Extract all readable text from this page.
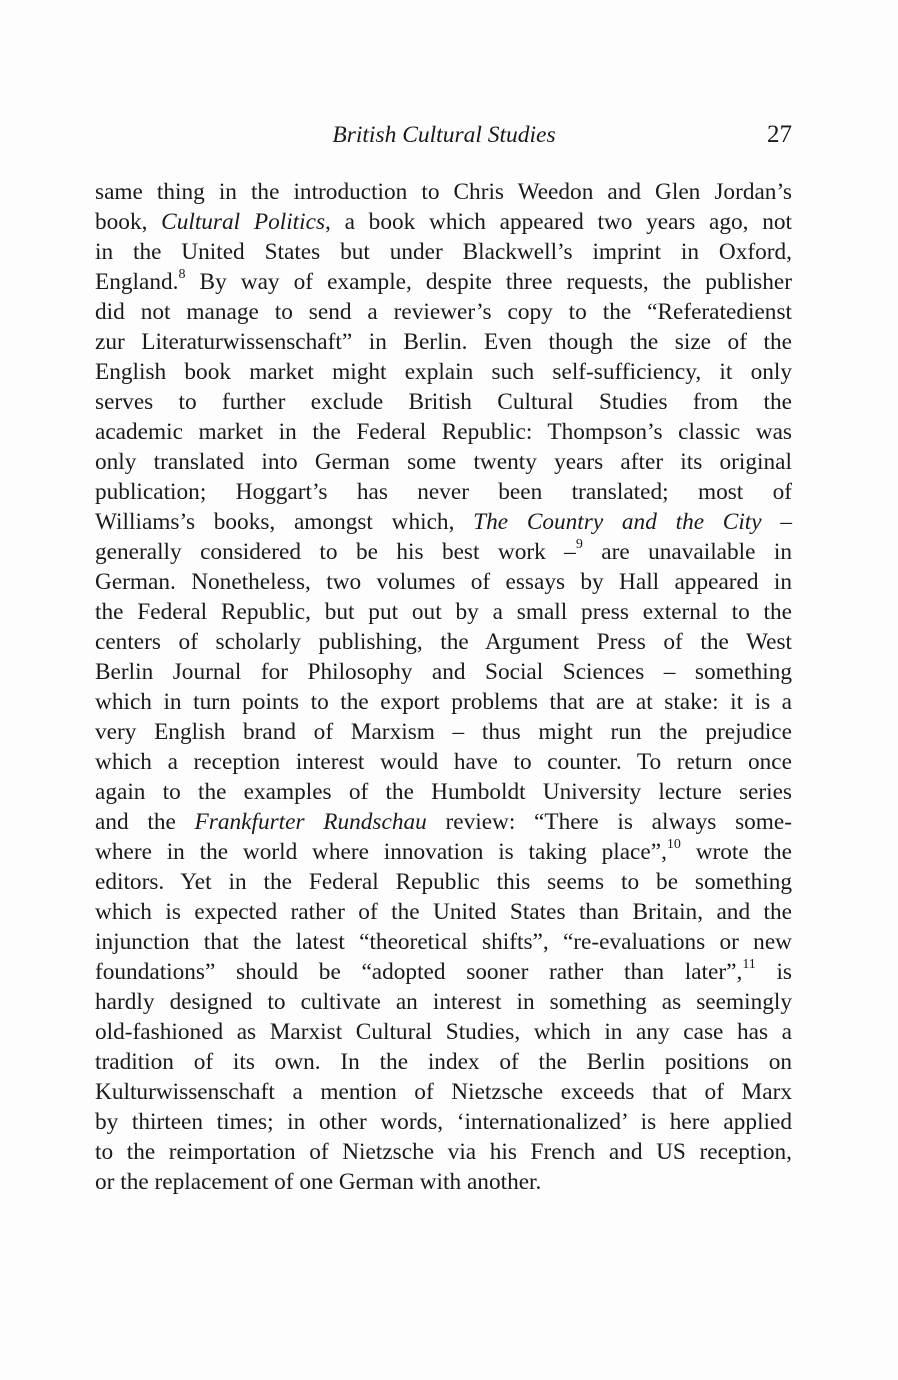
British Cultural Studies	27
same thing in the introduction to Chris Weedon and Glen Jordan’s
book, Cultural Politics, a book which appeared two years ago, not
in the United States but under Blackwell’s imprint in Oxford,
England.$^8$ By way of example, despite three requests, the publisher
did not manage to send a reviewer’s copy to the “Referatedienst
zur Literaturwissenschaft” in Berlin. Even though the size of the
English book market might explain such self-sufficiency, it only
serves to further exclude British Cultural Studies from the
academic market in the Federal Republic: Thompson’s classic was
only translated into German some twenty years after its original
publication; Hoggart’s has never been translated; most of
Williams’s books, amongst which, The Country and the City –
generally considered to be his best work –$^9$ are unavailable in
German. Nonetheless, two volumes of essays by Hall appeared in
the Federal Republic, but put out by a small press external to the
centers of scholarly publishing, the Argument Press of the West
Berlin Journal for Philosophy and Social Sciences – something
which in turn points to the export problems that are at stake: it is a
very English brand of Marxism – thus might run the prejudice
which a reception interest would have to counter. To return once
again to the examples of the Humboldt University lecture series
and the Frankfurter Rundschau review: “There is always some-
where in the world where innovation is taking place”,$^{10}$ wrote the
editors. Yet in the Federal Republic this seems to be something
which is expected rather of the United States than Britain, and the
injunction that the latest “theoretical shifts”, “re-evaluations or new
foundations” should be “adopted sooner rather than later”,$^{11}$ is
hardly designed to cultivate an interest in something as seemingly
old-fashioned as Marxist Cultural Studies, which in any case has a
tradition of its own. In the index of the Berlin positions on
Kulturwissenschaft a mention of Nietzsche exceeds that of Marx
by thirteen times; in other words, ‘internationalized’ is here applied
to the reimportation of Nietzsche via his French and US reception,
or the replacement of one German with another.
